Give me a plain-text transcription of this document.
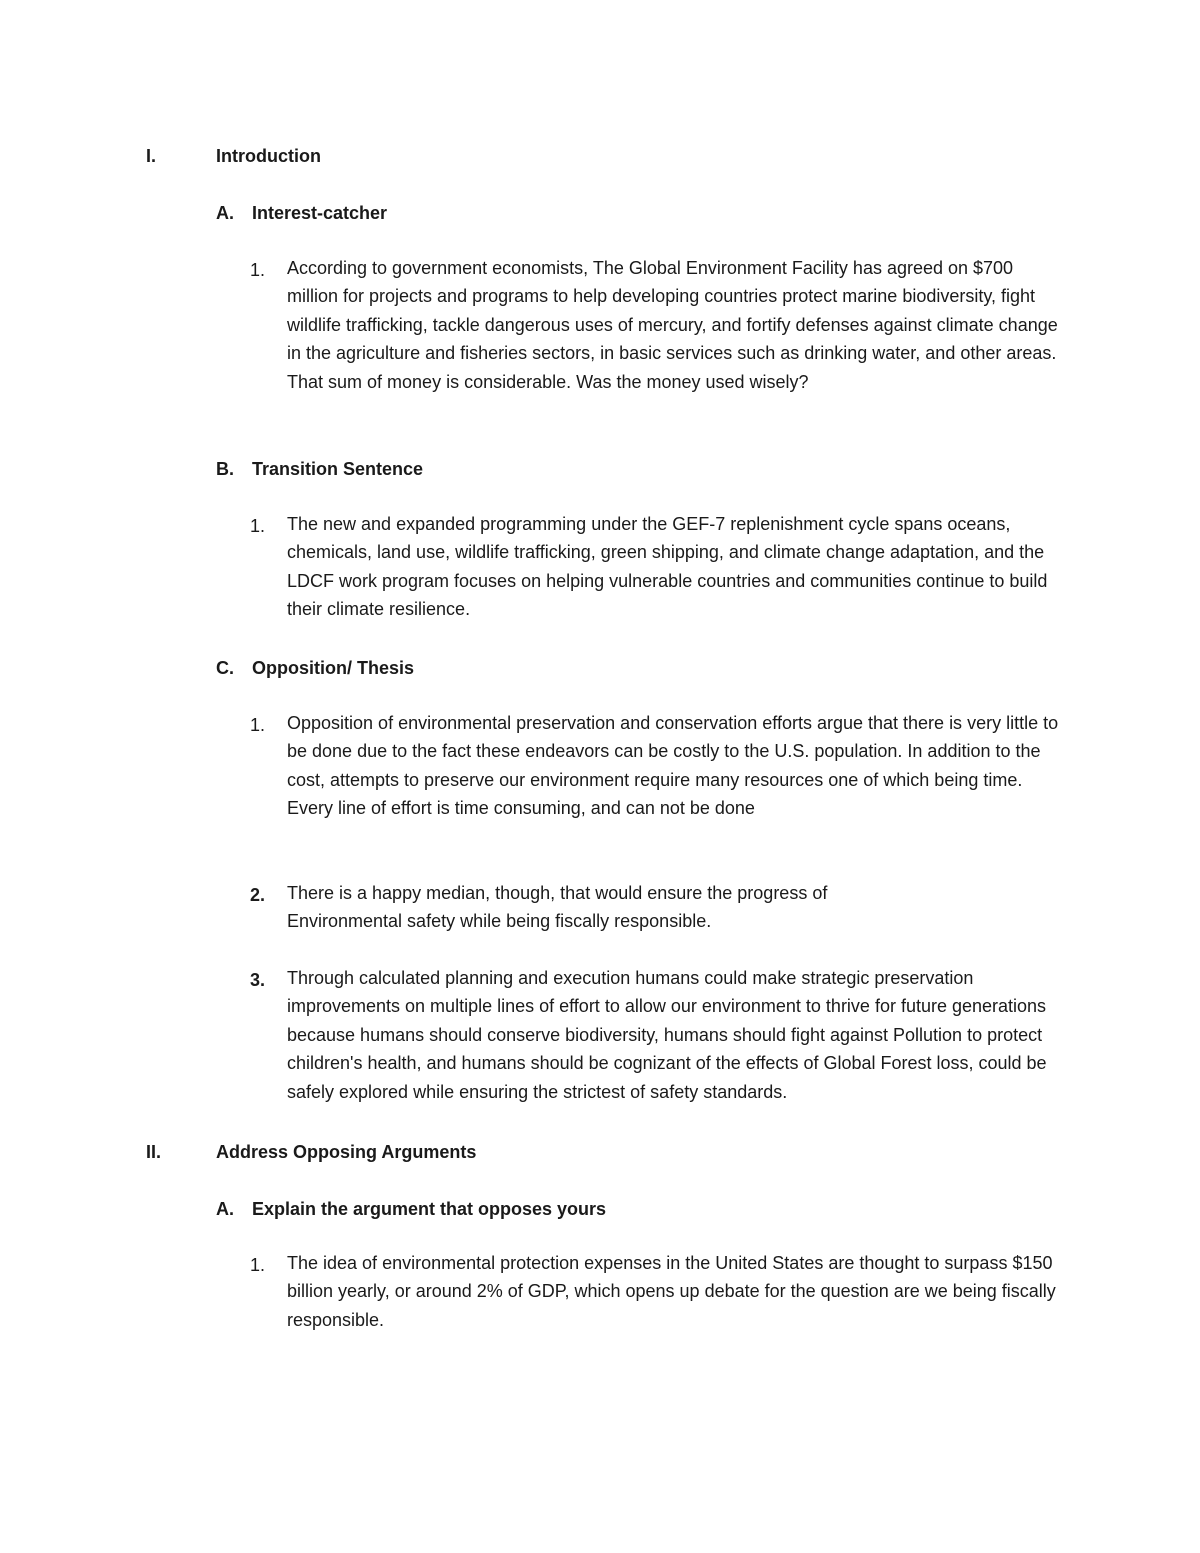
I.	Introduction
A. Interest-catcher
1. According to government economists, The Global Environment Facility has agreed on $700 million for projects and programs to help developing countries protect marine biodiversity, fight wildlife trafficking, tackle dangerous uses of mercury, and fortify defenses against climate change in the agriculture and fisheries sectors, in basic services such as drinking water, and other areas. That sum of money is considerable. Was the money used wisely?

B. Transition Sentence
1. The new and expanded programming under the GEF-7 replenishment cycle spans oceans, chemicals, land use, wildlife trafficking, green shipping, and climate change adaptation, and the LDCF work program focuses on helping vulnerable countries and communities continue to build their climate resilience.

C. Opposition/ Thesis
1. Opposition of environmental preservation and conservation efforts argue that there is very little to be done due to the fact these endeavors can be costly to the U.S. population. In addition to the cost, attempts to preserve our environment require many resources one of which being time. Every line of effort is time consuming, and can not be done

2. There is a happy median, though, that would ensure the progress of Environmental safety while being fiscally responsible.

3. Through calculated planning and execution humans could make strategic preservation improvements on multiple lines of effort to allow our environment to thrive for future generations because humans should conserve biodiversity, humans should fight against Pollution to protect children's health, and humans should be cognizant of the effects of Global Forest loss, could be safely explored while ensuring the strictest of safety standards.

II.	Address Opposing Arguments
A. Explain the argument that opposes yours
1. The idea of environmental protection expenses in the United States are thought to surpass $150 billion yearly, or around 2% of GDP, which opens up debate for the question are we being fiscally responsible.
